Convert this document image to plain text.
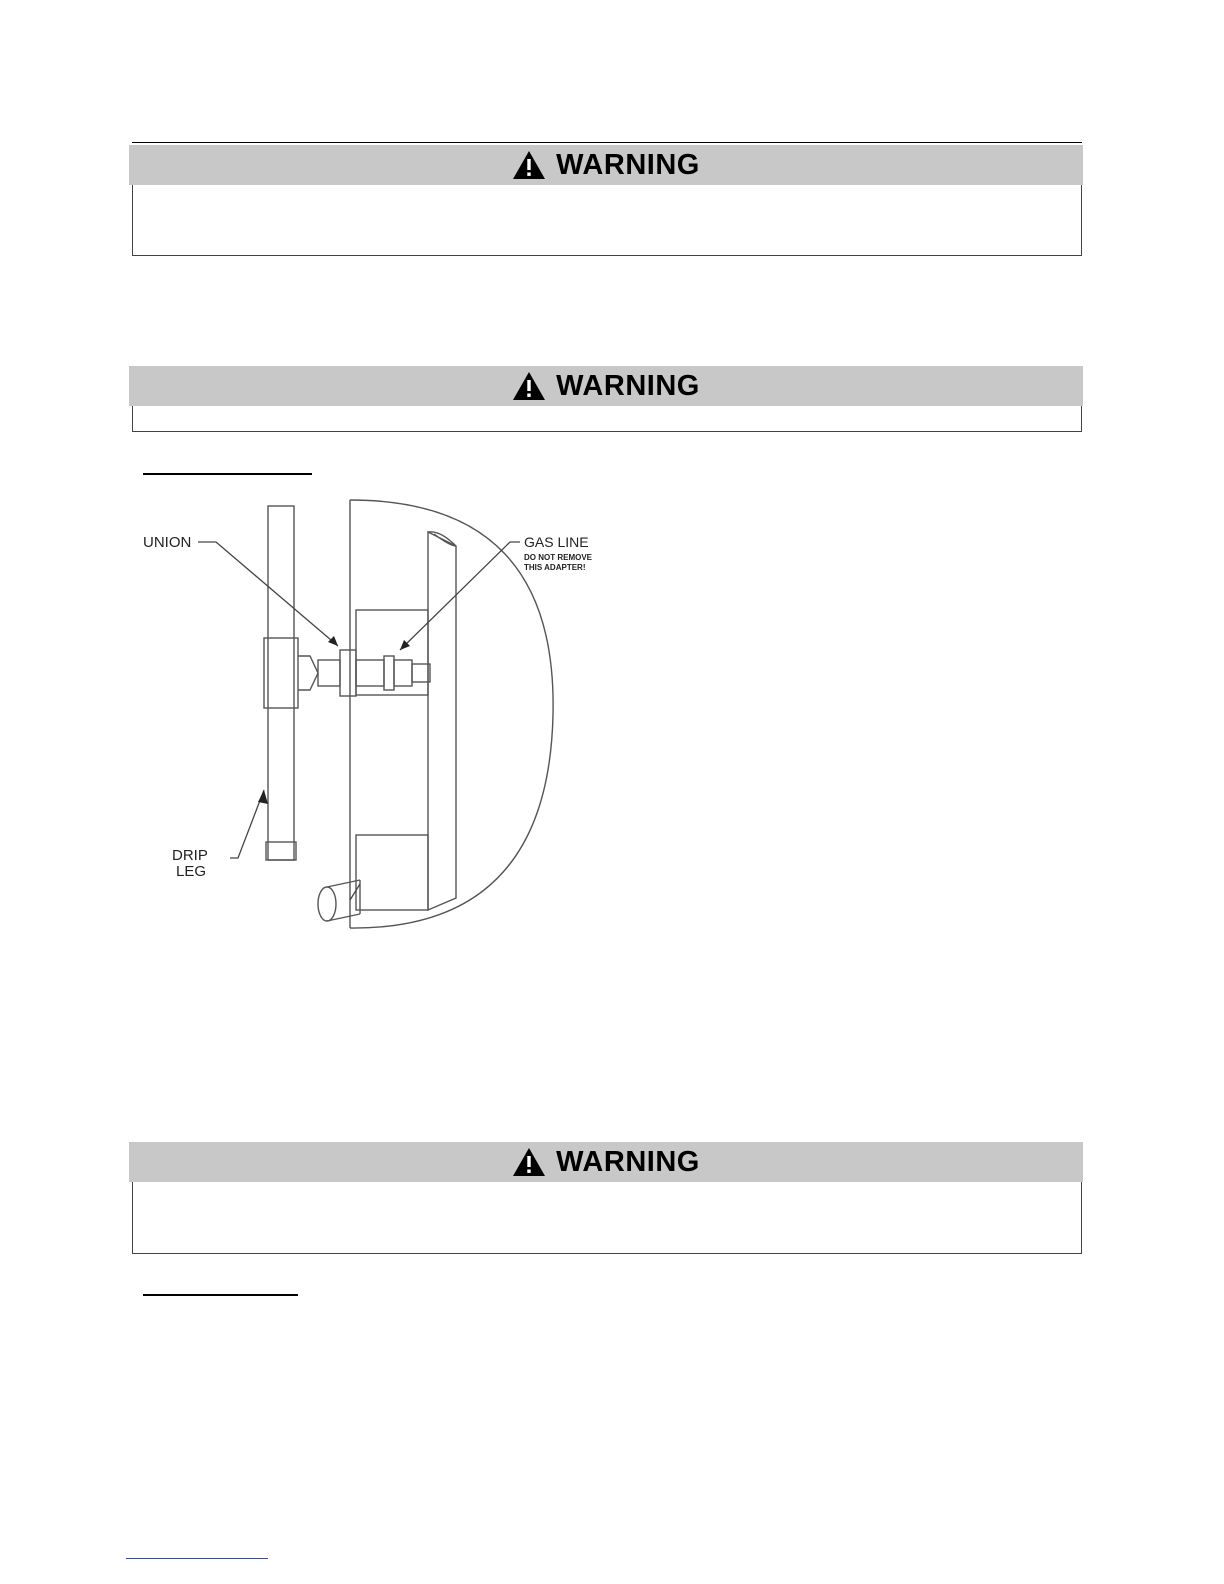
WARNING
WARNING
UNION	GAS LINE
DO NOT REMOVE
THIS ADAPTER!
DRIP
LEG
WARNING
